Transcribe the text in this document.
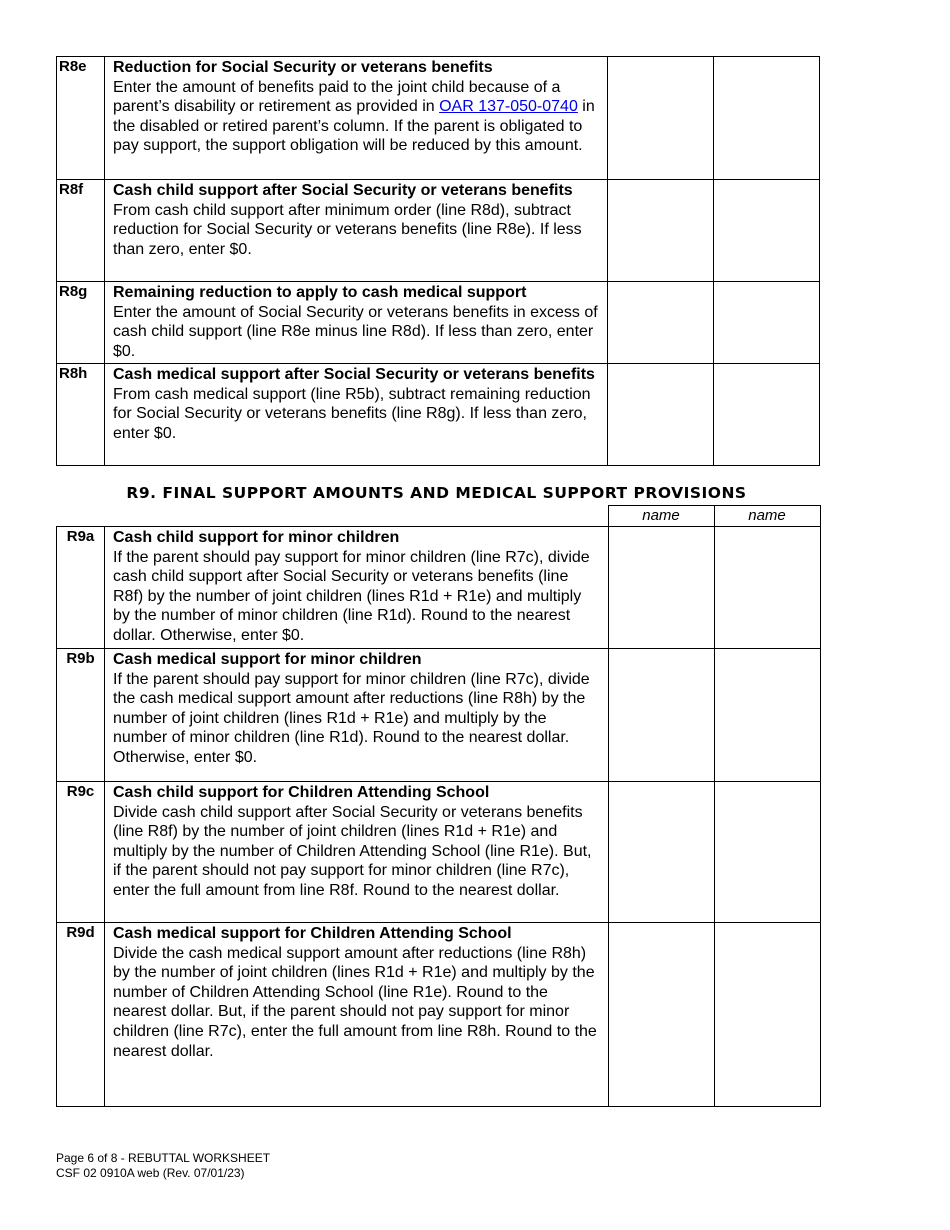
R8e	Reduction for Social Security or veterans benefits
Enter the amount of benefits paid to the joint child because of a parent’s disability or retirement as provided in OAR 137-050-0740 in the disabled or retired parent’s column. If the parent is obligated to pay support, the support obligation will be reduced by this amount.		

R8f	Cash child support after Social Security or veterans benefits
From cash child support after minimum order (line R8d), subtract reduction for Social Security or veterans benefits (line R8e). If less than zero, enter $0.		

R8g	Remaining reduction to apply to cash medical support
Enter the amount of Social Security or veterans benefits in excess of cash child support (line R8e minus line R8d). If less than zero, enter $0.		

R8h	Cash medical support after Social Security or veterans benefits
From cash medical support (line R5b), subtract remaining reduction for Social Security or veterans benefits (line R8g). If less than zero, enter $0.		

R9. FINAL SUPPORT AMOUNTS AND MEDICAL SUPPORT PROVISIONS
		name	name
R9a	Cash child support for minor children
If the parent should pay support for minor children (line R7c), divide cash child support after Social Security or veterans benefits (line R8f) by the number of joint children (lines R1d + R1e) and multiply by the number of minor children (line R1d). Round to the nearest dollar. Otherwise, enter $0.		

R9b	Cash medical support for minor children
If the parent should pay support for minor children (line R7c), divide the cash medical support amount after reductions (line R8h) by the number of joint children (lines R1d + R1e) and multiply by the number of minor children (line R1d). Round to the nearest dollar. Otherwise, enter $0.		

R9c	Cash child support for Children Attending School
Divide cash child support after Social Security or veterans benefits (line R8f) by the number of joint children (lines R1d + R1e) and multiply by the number of Children Attending School (line R1e). But, if the parent should not pay support for minor children (line R7c), enter the full amount from line R8f. Round to the nearest dollar.		

R9d	Cash medical support for Children Attending School
Divide the cash medical support amount after reductions (line R8h) by the number of joint children (lines R1d + R1e) and multiply by the number of Children Attending School (line R1e). Round to the nearest dollar. But, if the parent should not pay support for minor children (line R7c), enter the full amount from line R8h. Round to the nearest dollar.		

Page 6 of 8 - REBUTTAL WORKSHEET
CSF 02 0910A web (Rev. 07/01/23)
